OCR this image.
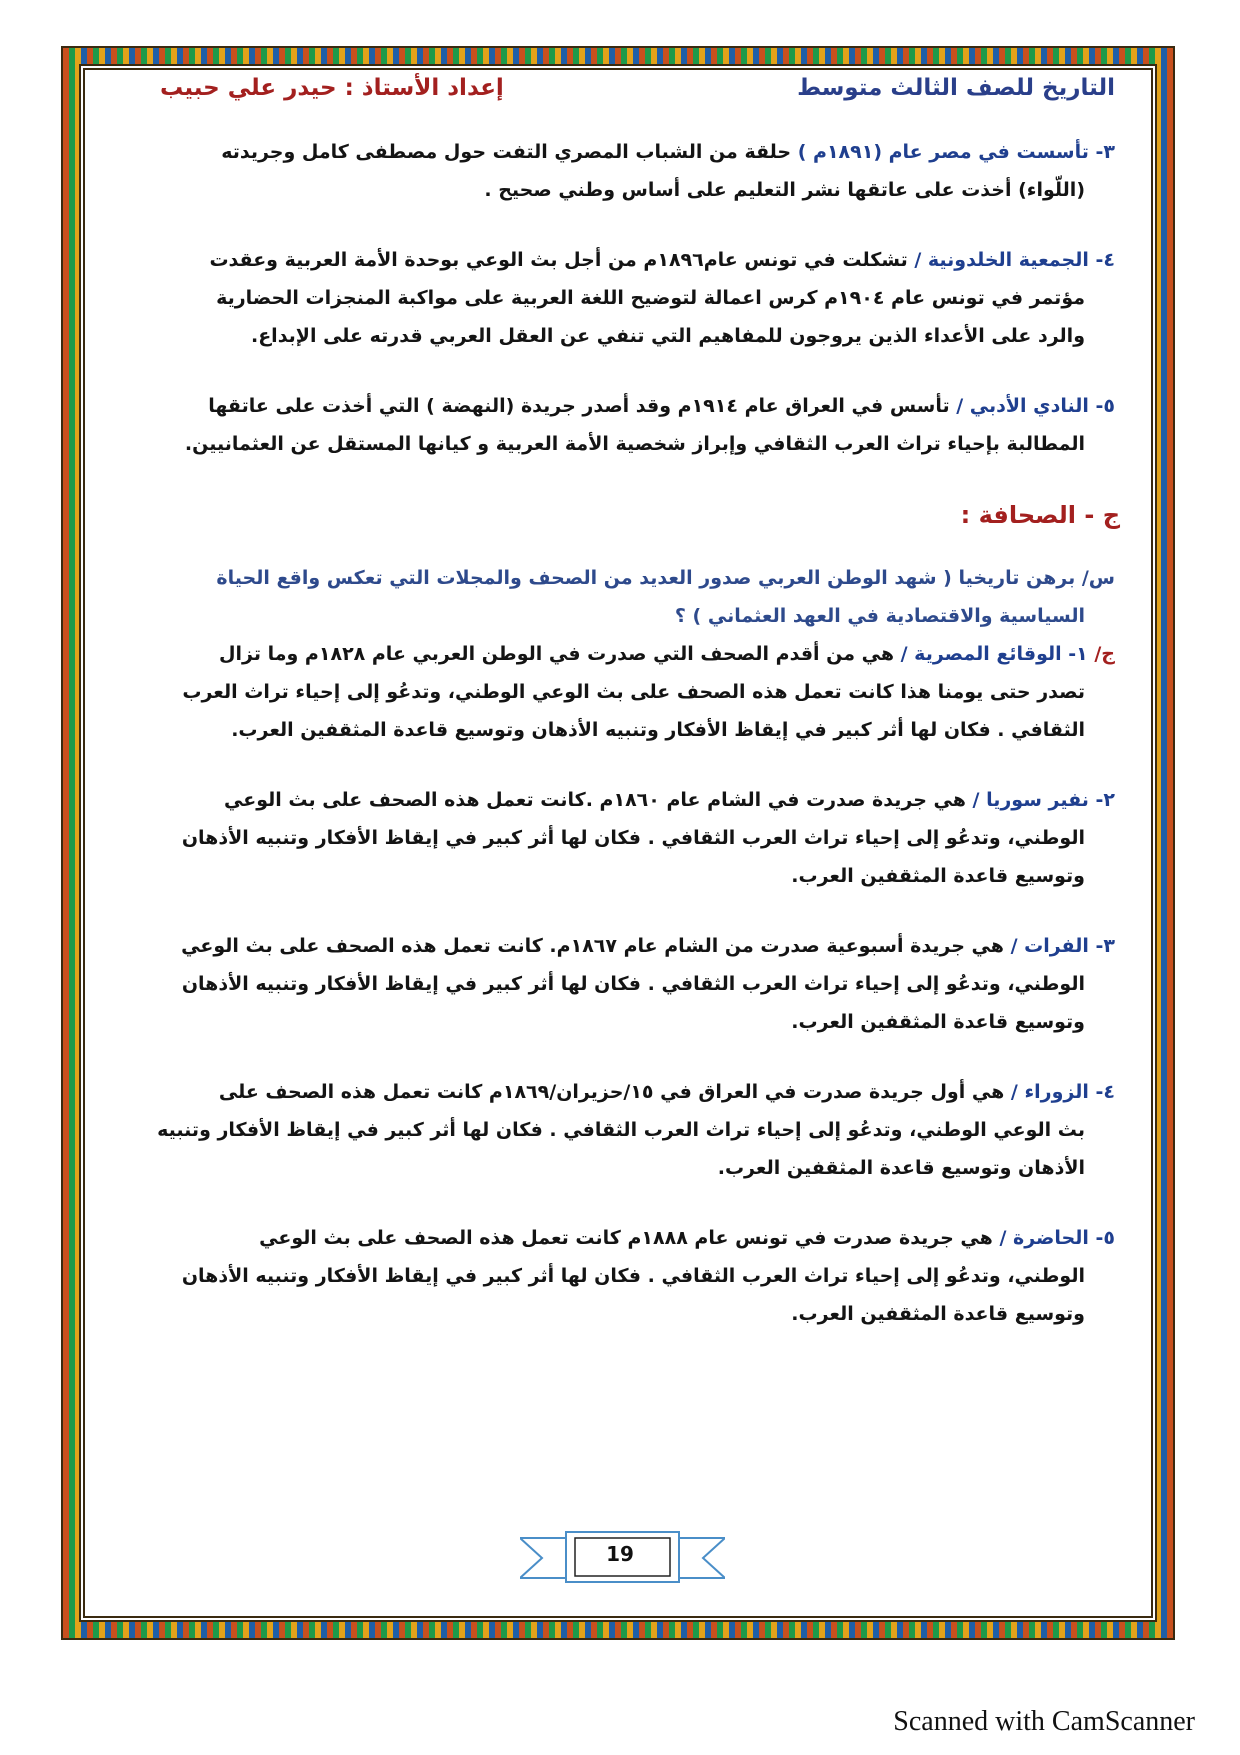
التاريخ للصف الثالث متوسط
إعداد الأستاذ : حيدر علي حبيب
٣- تأسست في مصر عام (١٨٩١م ) حلقة من الشباب المصري التفت حول مصطفى كامل وجريدته
(اللّواء) أخذت على عاتقها نشر التعليم على أساس وطني صحيح .
٤- الجمعية الخلدونية / تشكلت في تونس عام١٨٩٦م من أجل بث الوعي بوحدة الأمة العربية وعقدت
مؤتمر في تونس عام ١٩٠٤م كرس اعمالة لتوضيح اللغة العربية على مواكبة المنجزات الحضارية
والرد على الأعداء الذين يروجون للمفاهيم التي تنفي عن العقل العربي قدرته على الإبداع.
٥- النادي الأدبي / تأسس في العراق عام ١٩١٤م وقد أصدر جريدة (النهضة ) التي أخذت على عاتقها
المطالبة بإحياء تراث العرب الثقافي وإبراز شخصية الأمة العربية و كيانها المستقل عن العثمانيين.
ج - الصحافة :
س/ برهن تاريخيا ( شهد الوطن العربي صدور العديد من الصحف والمجلات التي تعكس واقع الحياة
السياسية والاقتصادية في العهد العثماني ) ؟
ج/ ١- الوقائع المصرية / هي من أقدم الصحف التي صدرت في الوطن العربي عام ١٨٢٨م وما تزال
تصدر حتى يومنا هذا كانت تعمل هذه الصحف على بث الوعي الوطني، وتدعُو إلى إحياء تراث العرب
الثقافي . فكان لها أثر كبير في إيقاظ الأفكار وتنبيه الأذهان وتوسيع قاعدة المثقفين العرب.
٢- نفير سوريا / هي جريدة صدرت في الشام عام ١٨٦٠م .كانت تعمل هذه الصحف على بث الوعي
الوطني، وتدعُو إلى إحياء تراث العرب الثقافي . فكان لها أثر كبير في إيقاظ الأفكار وتنبيه الأذهان
وتوسيع قاعدة المثقفين العرب.
٣- الفرات / هي جريدة أسبوعية صدرت من الشام عام ١٨٦٧م. كانت تعمل هذه الصحف على بث الوعي
الوطني، وتدعُو إلى إحياء تراث العرب الثقافي . فكان لها أثر كبير في إيقاظ الأفكار وتنبيه الأذهان
وتوسيع قاعدة المثقفين العرب.
٤- الزوراء / هي أول جريدة صدرت في العراق في ١٥/حزيران/١٨٦٩م كانت تعمل هذه الصحف على
بث الوعي الوطني، وتدعُو إلى إحياء تراث العرب الثقافي . فكان لها أثر كبير في إيقاظ الأفكار وتنبيه
الأذهان وتوسيع قاعدة المثقفين العرب.
٥- الحاضرة / هي جريدة صدرت في تونس عام ١٨٨٨م كانت تعمل هذه الصحف على بث الوعي
الوطني، وتدعُو إلى إحياء تراث العرب الثقافي . فكان لها أثر كبير في إيقاظ الأفكار وتنبيه الأذهان
وتوسيع قاعدة المثقفين العرب.
19
Scanned with CamScanner
